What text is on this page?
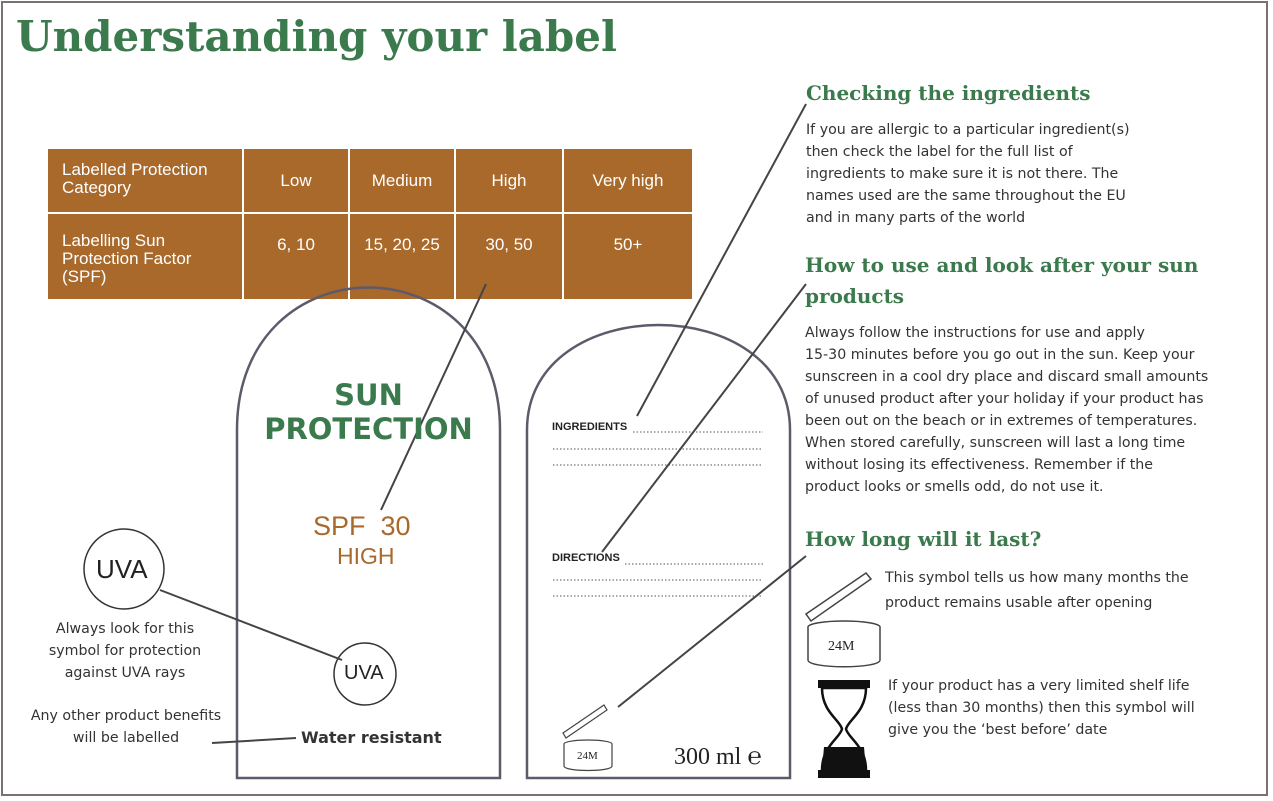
Understanding your label
Labelled Protection
Category	Low	Medium	High	Very high
Labelling Sun
Protection Factor
(SPF)	6, 10	15, 20, 25	30, 50	50+
SUN
PROTECTION
SPF 30
HIGH
UVA
Water resistant
UVA
Always look for this
symbol for protection
against UVA rays
Any other product benefits
will be labelled
INGREDIENTS
DIRECTIONS
24M	300 ml ℮
Checking the ingredients
If you are allergic to a particular ingredient(s)
then check the label for the full list of
ingredients to make sure it is not there. The
names used are the same throughout the EU
and in many parts of the world
How to use and look after your sun
products
Always follow the instructions for use and apply
15-30 minutes before you go out in the sun. Keep your
sunscreen in a cool dry place and discard small amounts
of unused product after your holiday if your product has
been out on the beach or in extremes of temperatures.
When stored carefully, sunscreen will last a long time
without losing its effectiveness. Remember if the
product looks or smells odd, do not use it.
How long will it last?
This symbol tells us how many months the
product remains usable after opening
24M
If your product has a very limited shelf life
(less than 30 months) then this symbol will
give you the ‘best before’ date
